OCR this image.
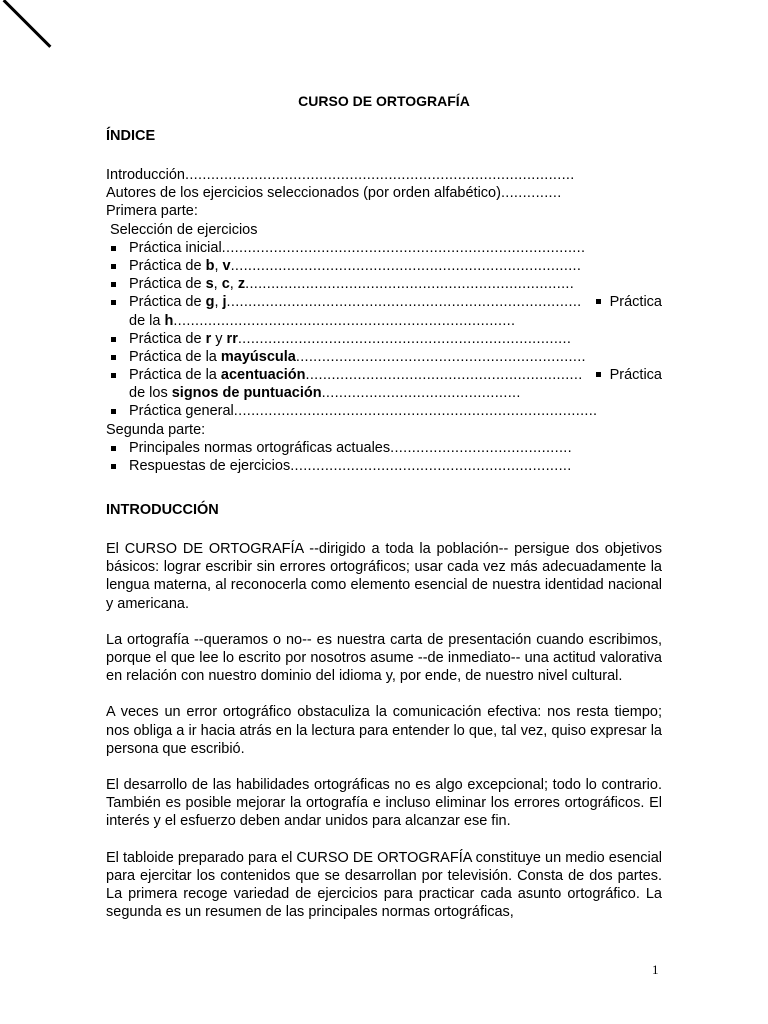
CURSO DE ORTOGRAFÍA
ÍNDICE
Introducción..........................................................................................
Autores de los ejercicios seleccionados (por orden alfabético)..............
Primera parte:
Selección de ejercicios
Práctica inicial....................................................................................
Práctica de b, v.................................................................................
Práctica de s, c, z............................................................................
Práctica de g, j..................................................................................	Práctica
de la h...............................................................................
Práctica de r y rr.............................................................................
Práctica de la mayúscula...................................................................
Práctica de la acentuación................................................................	Práctica
de los signos de puntuación..............................................
Práctica general....................................................................................
Segunda parte:
Principales normas ortográficas actuales..........................................
Respuestas de ejercicios.................................................................
INTRODUCCIÓN

El CURSO DE ORTOGRAFÍA --dirigido a toda la población-- persigue dos objetivos básicos: lograr escribir sin errores ortográficos; usar cada vez más adecuadamente la lengua materna, al reconocerla como elemento esencial de nuestra identidad nacional y americana.

La ortografía --queramos o no-- es nuestra carta de presentación cuando escribimos, porque el que lee lo escrito por nosotros asume --de inmediato-- una actitud valorativa en relación con nuestro dominio del idioma y, por ende, de nuestro nivel cultural.

A veces un error ortográfico obstaculiza la comunicación efectiva: nos resta tiempo; nos obliga a ir hacia atrás en la lectura para entender lo que, tal vez, quiso expresar la persona que escribió.

El desarrollo de las habilidades ortográficas no es algo excepcional; todo lo contrario. También es posible mejorar la ortografía e incluso eliminar los errores ortográficos. El interés y el esfuerzo deben andar unidos para alcanzar ese fin.

El tabloide preparado para el CURSO DE ORTOGRAFÍA constituye un medio esencial para ejercitar los contenidos que se desarrollan por televisión. Consta de dos partes. La primera recoge variedad de ejercicios para practicar cada asunto ortográfico. La segunda es un resumen de las principales normas ortográficas,

1
